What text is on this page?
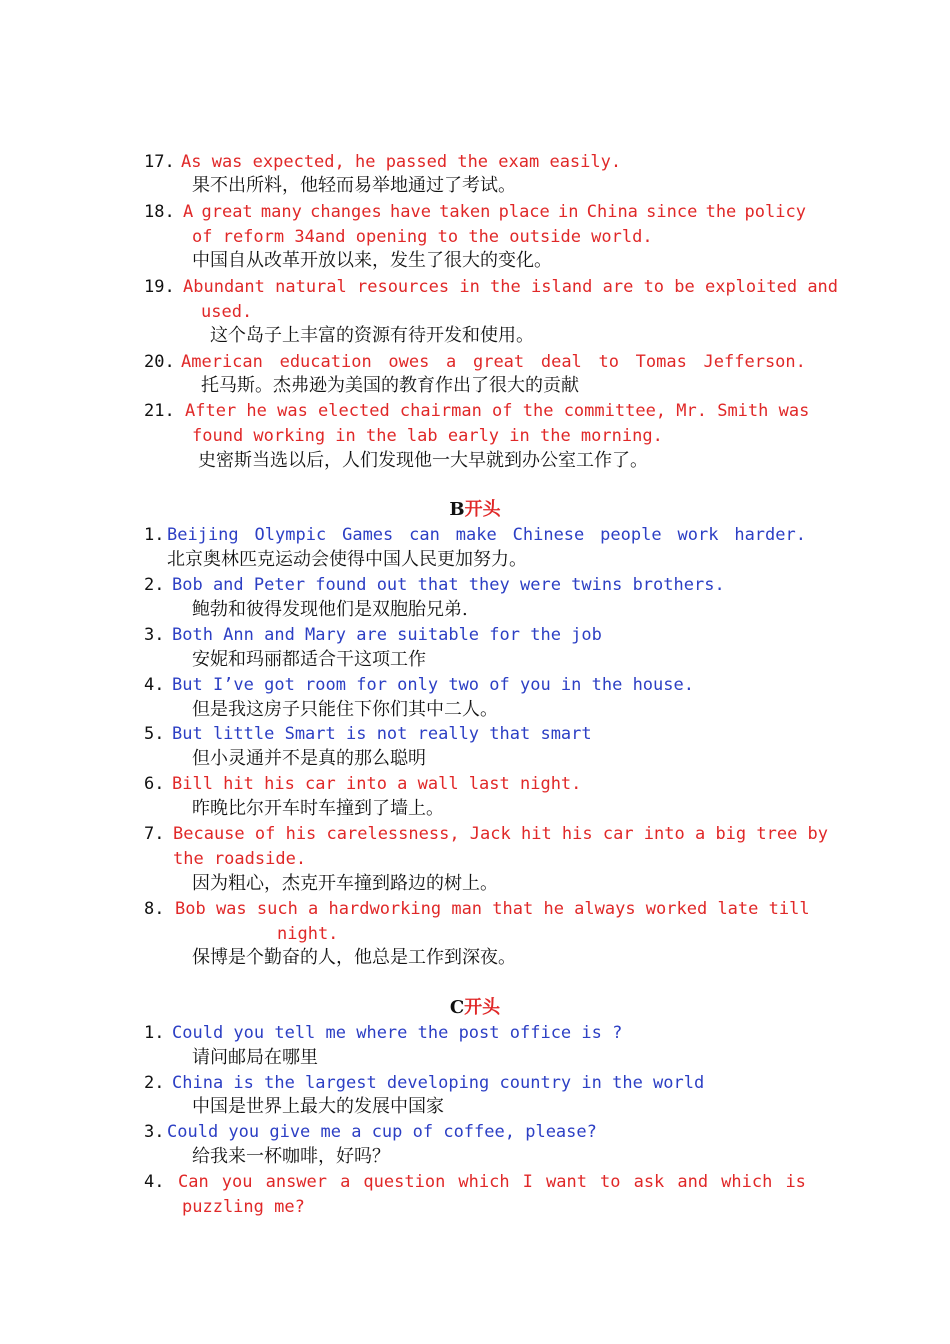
17. As was expected, he passed the exam easily.
果不出所料，他轻而易举地通过了考试。
18. A great many changes have taken place in China since the policy
of reform 34and opening to the outside world.
中国自从改革开放以来，发生了很大的变化。
19. Abundant natural resources in the island are to be exploited and
used.
这个岛子上丰富的资源有待开发和使用。
20. American education owes a great deal to Tomas Jefferson.
托马斯。杰弗逊为美国的教育作出了很大的贡献
21. After he was elected chairman of the committee, Mr. Smith was
found working in the lab early in the morning.
史密斯当选以后，人们发现他一大早就到办公室工作了。
B开头
1. Beijing Olympic Games can make Chinese people work harder.
北京奥林匹克运动会使得中国人民更加努力。
2. Bob and Peter found out that they were twins brothers.
鲍勃和彼得发现他们是双胞胎兄弟.
3. Both Ann and Mary are suitable for the job
安妮和玛丽都适合干这项工作
4. But I’ve got room for only two of you in the house.
但是我这房子只能住下你们其中二人。
5. But little Smart is not really that smart
但小灵通并不是真的那么聪明
6. Bill hit his car into a wall last night.
昨晚比尔开车时车撞到了墙上。
7. Because of his carelessness, Jack hit his car into a big tree by
the roadside.
因为粗心，杰克开车撞到路边的树上。
8. Bob was such a hardworking man that he always worked late till
night.
保博是个勤奋的人，他总是工作到深夜。
C开头
1. Could you tell me where the post office is ?
请问邮局在哪里
2. China is the largest developing country in the world
中国是世界上最大的发展中国家
3. Could you give me a cup of coffee, please?
给我来一杯咖啡，好吗？
4. Can you answer a question which I want to ask and which is
puzzling me?
